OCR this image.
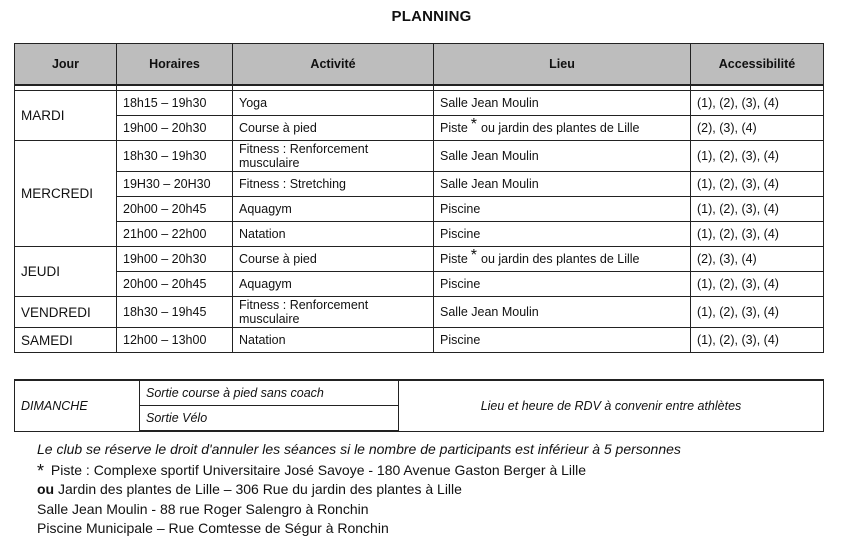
PLANNING
Jour	Horaires	Activité	Lieu	Accessibilité

MARDI	18h15 – 19h30	Yoga	Salle Jean Moulin	(1), (2), (3), (4)
	19h00 – 20h30	Course à pied	Piste * ou jardin des plantes de Lille	(2), (3), (4)
MERCREDI	18h30 – 19h30	Fitness : Renforcement
musculaire	Salle Jean Moulin	(1), (2), (3), (4)
	19H30 – 20H30	Fitness : Stretching	Salle Jean Moulin	(1), (2), (3), (4)
	20h00 – 20h45	Aquagym	Piscine	(1), (2), (3), (4)
	21h00 – 22h00	Natation	Piscine	(1), (2), (3), (4)
JEUDI	19h00 – 20h30	Course à pied	Piste * ou jardin des plantes de Lille	(2), (3), (4)
	20h00 – 20h45	Aquagym	Piscine	(1), (2), (3), (4)
VENDREDI	18h30 – 19h45	Fitness : Renforcement
musculaire	Salle Jean Moulin	(1), (2), (3), (4)
SAMEDI	12h00 – 13h00	Natation	Piscine	(1), (2), (3), (4)
DIMANCHE	Sortie course à pied sans coach	Lieu et heure de RDV à convenir entre athlètes
Sortie Vélo
Le club se réserve le droit d'annuler les séances si le nombre de participants est inférieur à 5 personnes
* Piste : Complexe sportif Universitaire José Savoye - 180 Avenue Gaston Berger à Lille
ou Jardin des plantes de Lille – 306 Rue du jardin des plantes à Lille
Salle Jean Moulin - 88 rue Roger Salengro à Ronchin
Piscine Municipale – Rue Comtesse de Ségur à Ronchin
